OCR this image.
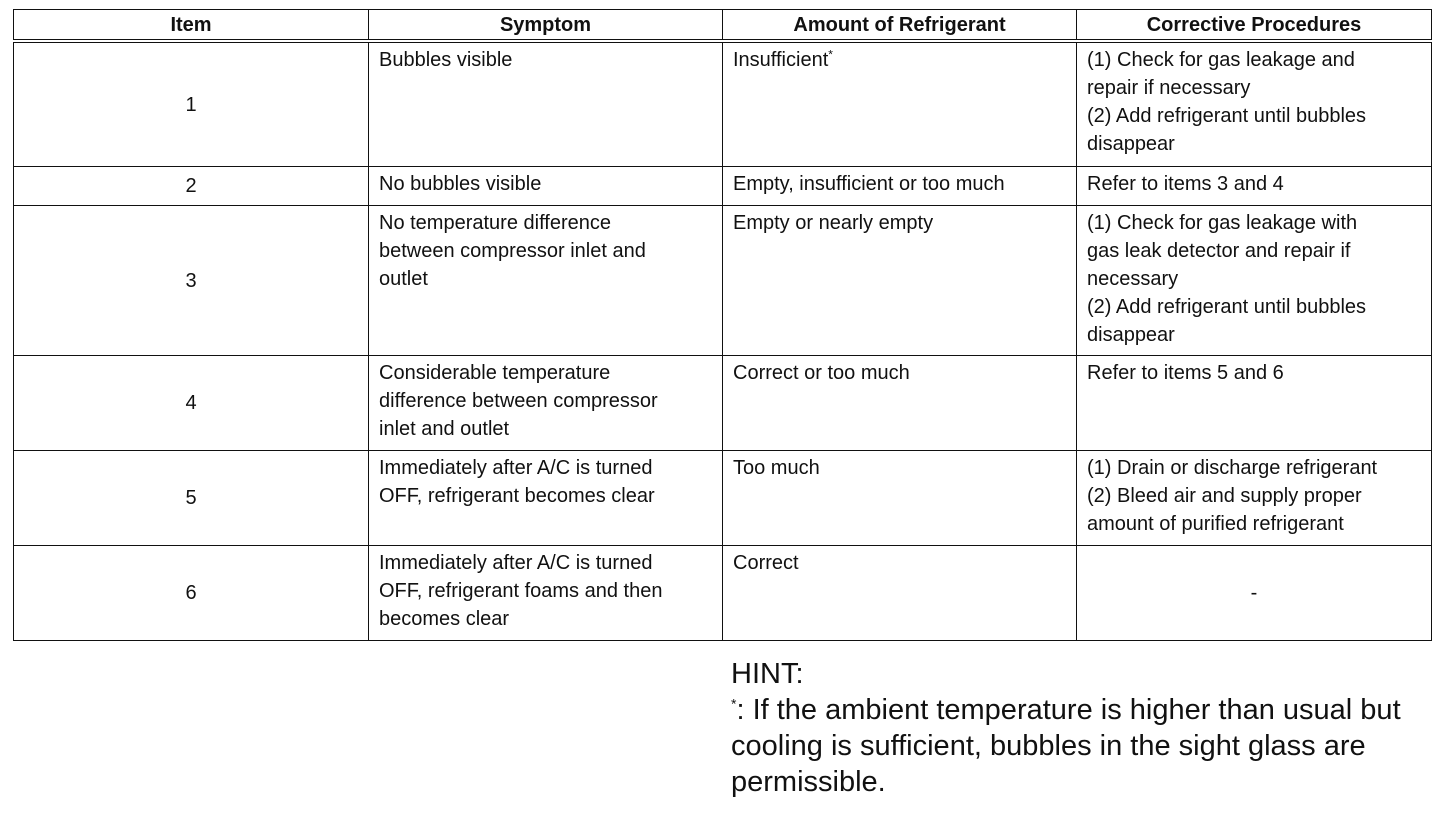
Item	Symptom	Amount of Refrigerant	Corrective Procedures
1	Bubbles visible	Insufficient*	(1) Check for gas leakage and
repair if necessary
(2) Add refrigerant until bubbles
disappear

2	No bubbles visible	Empty, insufficient or too much	Refer to items 3 and 4

3	No temperature difference
between compressor inlet and
outlet	Empty or nearly empty	(1) Check for gas leakage with
gas leak detector and repair if
necessary
(2) Add refrigerant until bubbles
disappear

4	Considerable temperature
difference between compressor
inlet and outlet	Correct or too much	Refer to items 5 and 6

5	Immediately after A/C is turned
OFF, refrigerant becomes clear	Too much	(1) Drain or discharge refrigerant
(2) Bleed air and supply proper
amount of purified refrigerant

6	Immediately after A/C is turned
OFF, refrigerant foams and then
becomes clear	Correct	-
HINT:
*: If the ambient temperature is higher than usual but
cooling is sufficient, bubbles in the sight glass are
permissible.
